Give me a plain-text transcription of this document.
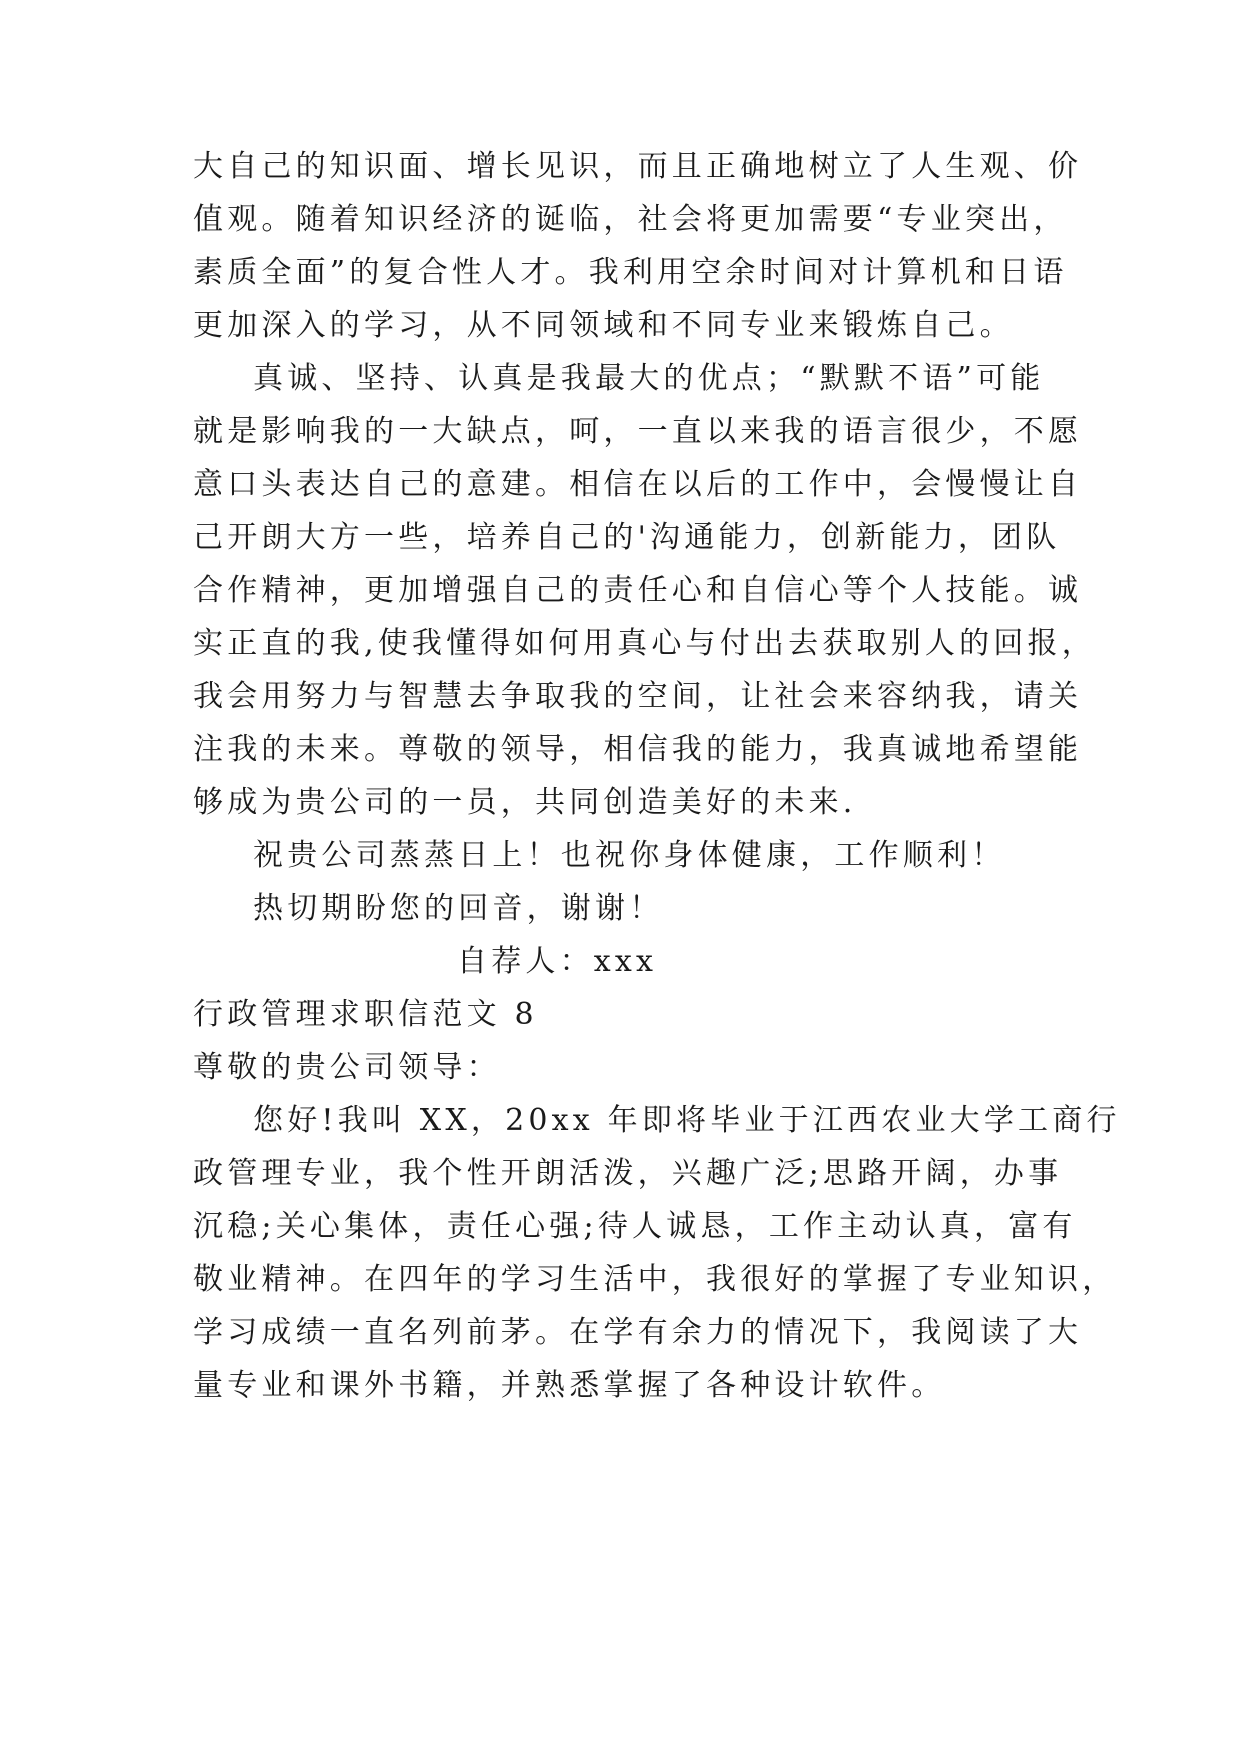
大自己的知识面、增长见识，而且正确地树立了人生观、价
值观。随着知识经济的诞临，社会将更加需要“专业突出，
素质全面”的复合性人才。我利用空余时间对计算机和日语
更加深入的学习，从不同领域和不同专业来锻炼自己。
真诚、坚持、认真是我最大的优点；“默默不语”可能
就是影响我的一大缺点，呵，一直以来我的语言很少，不愿
意口头表达自己的意建。相信在以后的工作中，会慢慢让自
己开朗大方一些，培养自己的'沟通能力，创新能力，团队
合作精神，更加增强自己的责任心和自信心等个人技能。诚
实正直的我,使我懂得如何用真心与付出去获取别人的回报，
我会用努力与智慧去争取我的空间，让社会来容纳我，请关
注我的未来。尊敬的领导，相信我的能力，我真诚地希望能
够成为贵公司的一员，共同创造美好的未来.
祝贵公司蒸蒸日上！也祝你身体健康，工作顺利！
热切期盼您的回音，谢谢！
自荐人：xxx
行政管理求职信范文 8
尊敬的贵公司领导：
您好!我叫 XX，20xx 年即将毕业于江西农业大学工商行
政管理专业，我个性开朗活泼，兴趣广泛;思路开阔，办事
沉稳;关心集体，责任心强;待人诚恳，工作主动认真，富有
敬业精神。在四年的学习生活中，我很好的掌握了专业知识，
学习成绩一直名列前茅。在学有余力的情况下，我阅读了大
量专业和课外书籍，并熟悉掌握了各种设计软件。
